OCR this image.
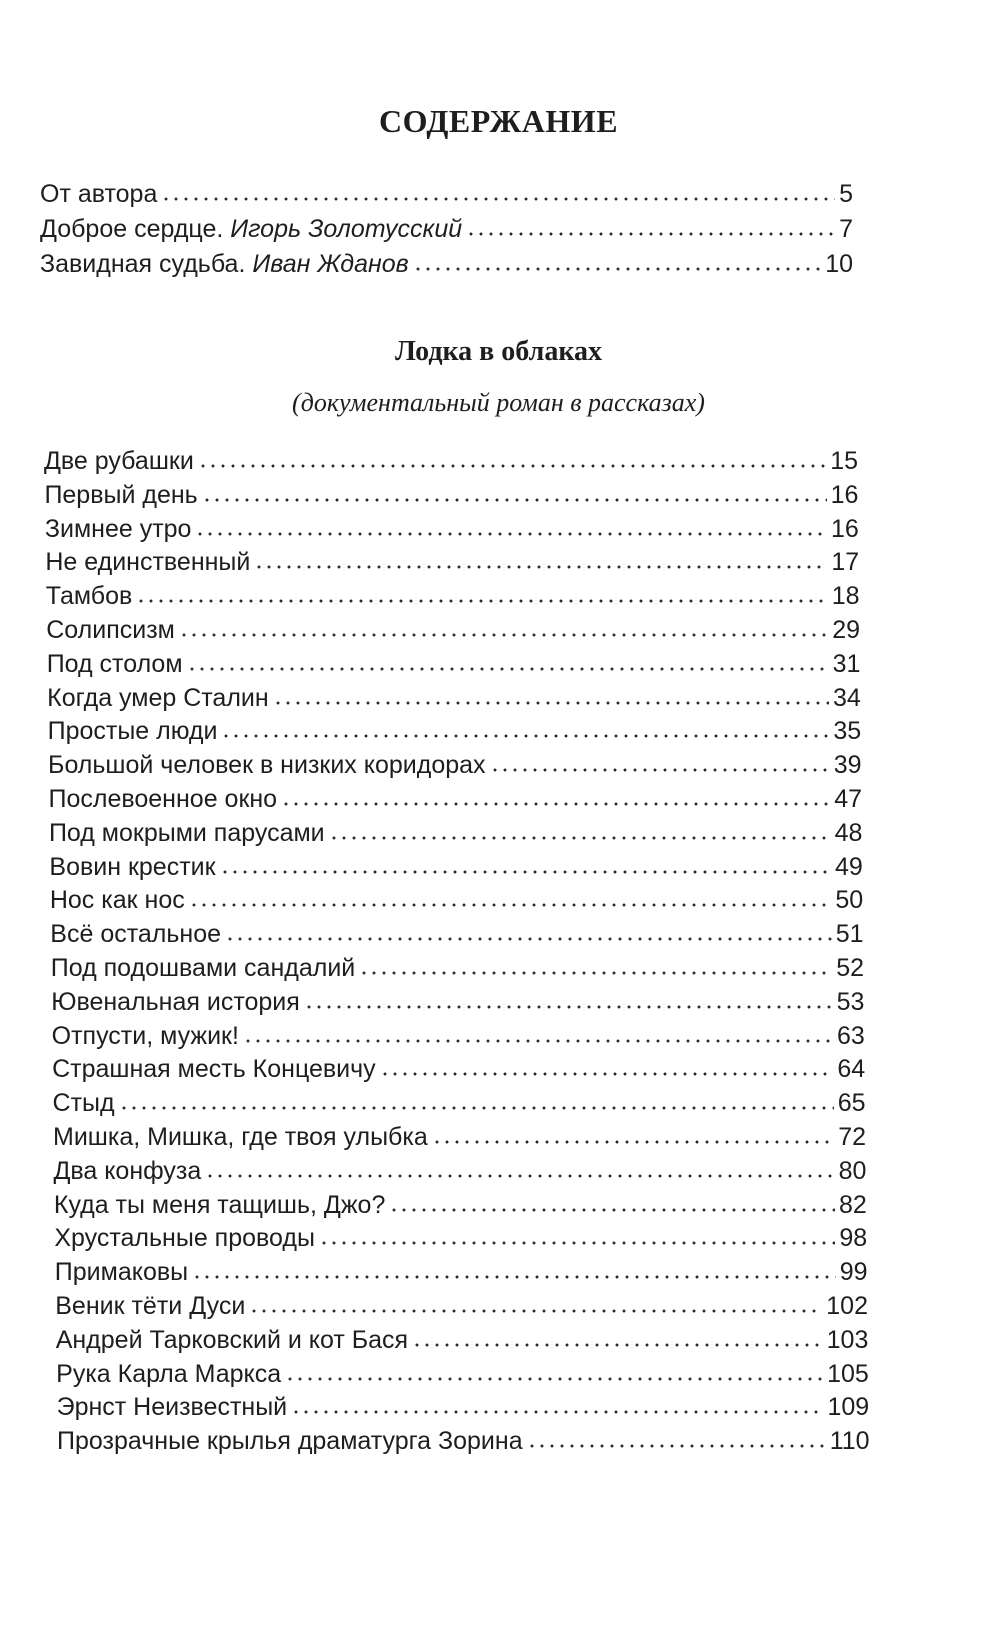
СОДЕРЖАНИЕ
От автора	5
Доброе сердце. Игорь Золотусский	7
Завидная судьба. Иван Жданов	10
Лодка в облаках
(документальный роман в рассказах)
Две рубашки	15
Первый день	16
Зимнее утро	16
Не единственный	17
Тамбов	18
Солипсизм	29
Под столом	31
Когда умер Сталин	34
Простые люди	35
Большой человек в низких коридорах	39
Послевоенное окно	47
Под мокрыми парусами	48
Вовин крестик	49
Нос как нос	50
Всё остальное	51
Под подошвами сандалий	52
Ювенальная история	53
Отпусти, мужик!	63
Страшная месть Концевичу	64
Стыд	65
Мишка, Мишка, где твоя улыбка	72
Два конфуза	80
Куда ты меня тащишь, Джо?	82
Хрустальные проводы	98
Примаковы	99
Веник тёти Дуси	102
Андрей Тарковский и кот Бася	103
Рука Карла Маркса	105
Эрнст Неизвестный	109
Прозрачные крылья драматурга Зорина	110
